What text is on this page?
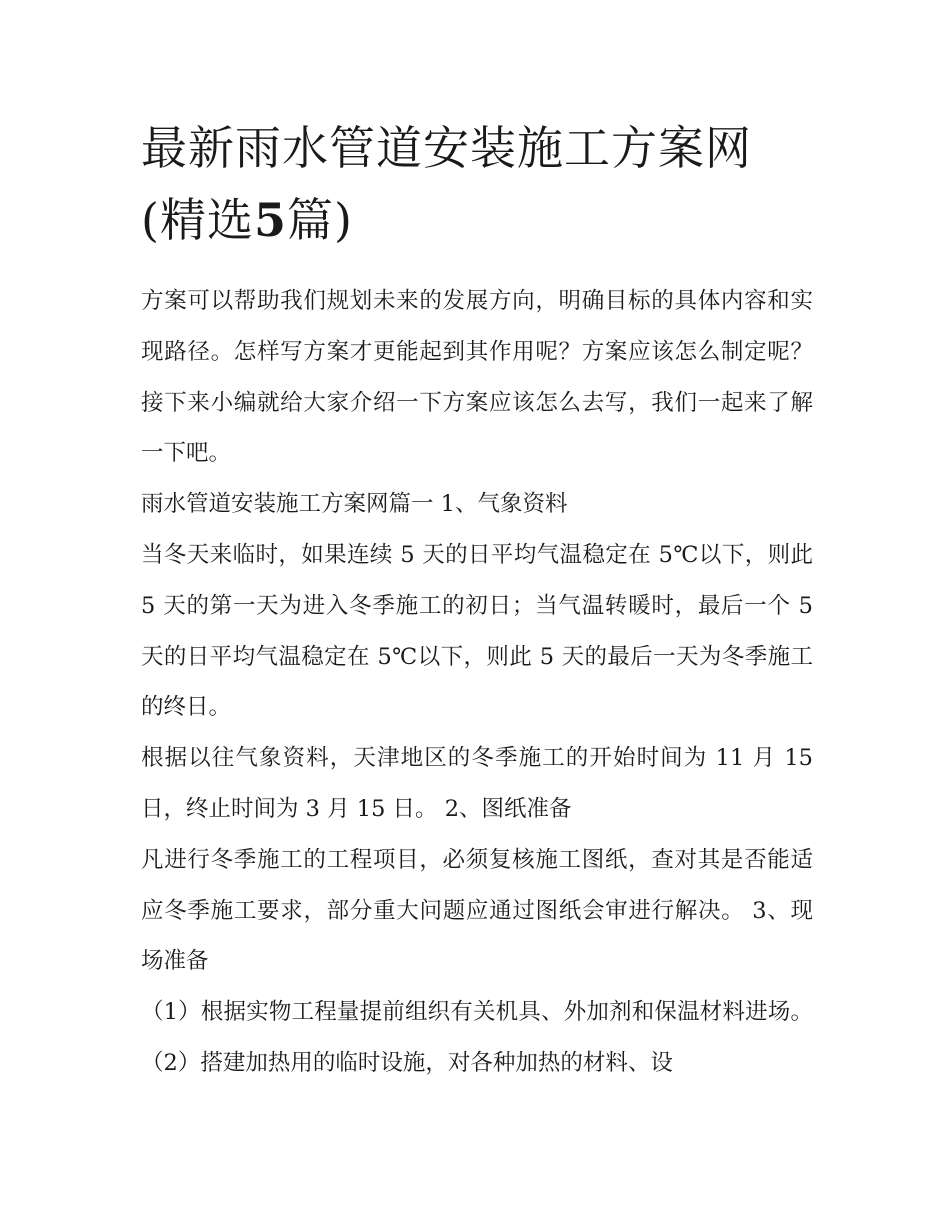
最新雨水管道安装施工方案网
(精选5篇)

方案可以帮助我们规划未来的发展方向，明确目标的具体内容和实现路径。怎样写方案才更能起到其作用呢？方案应该怎么制定呢？接下来小编就给大家介绍一下方案应该怎么去写，我们一起来了解一下吧。

雨水管道安装施工方案网篇一 1、气象资料

当冬天来临时，如果连续 5 天的日平均气温稳定在 5℃以下，则此 5 天的第一天为进入冬季施工的初日；当气温转暖时，最后一个 5 天的日平均气温稳定在 5℃以下，则此 5 天的最后一天为冬季施工的终日。

根据以往气象资料，天津地区的冬季施工的开始时间为 11 月 15 日，终止时间为 3 月 15 日。 2、图纸准备

凡进行冬季施工的工程项目，必须复核施工图纸，查对其是否能适应冬季施工要求，部分重大问题应通过图纸会审进行解决。 3、现场准备

（1）根据实物工程量提前组织有关机具、外加剂和保温材料进场。 （2）搭建加热用的临时设施，对各种加热的材料、设
